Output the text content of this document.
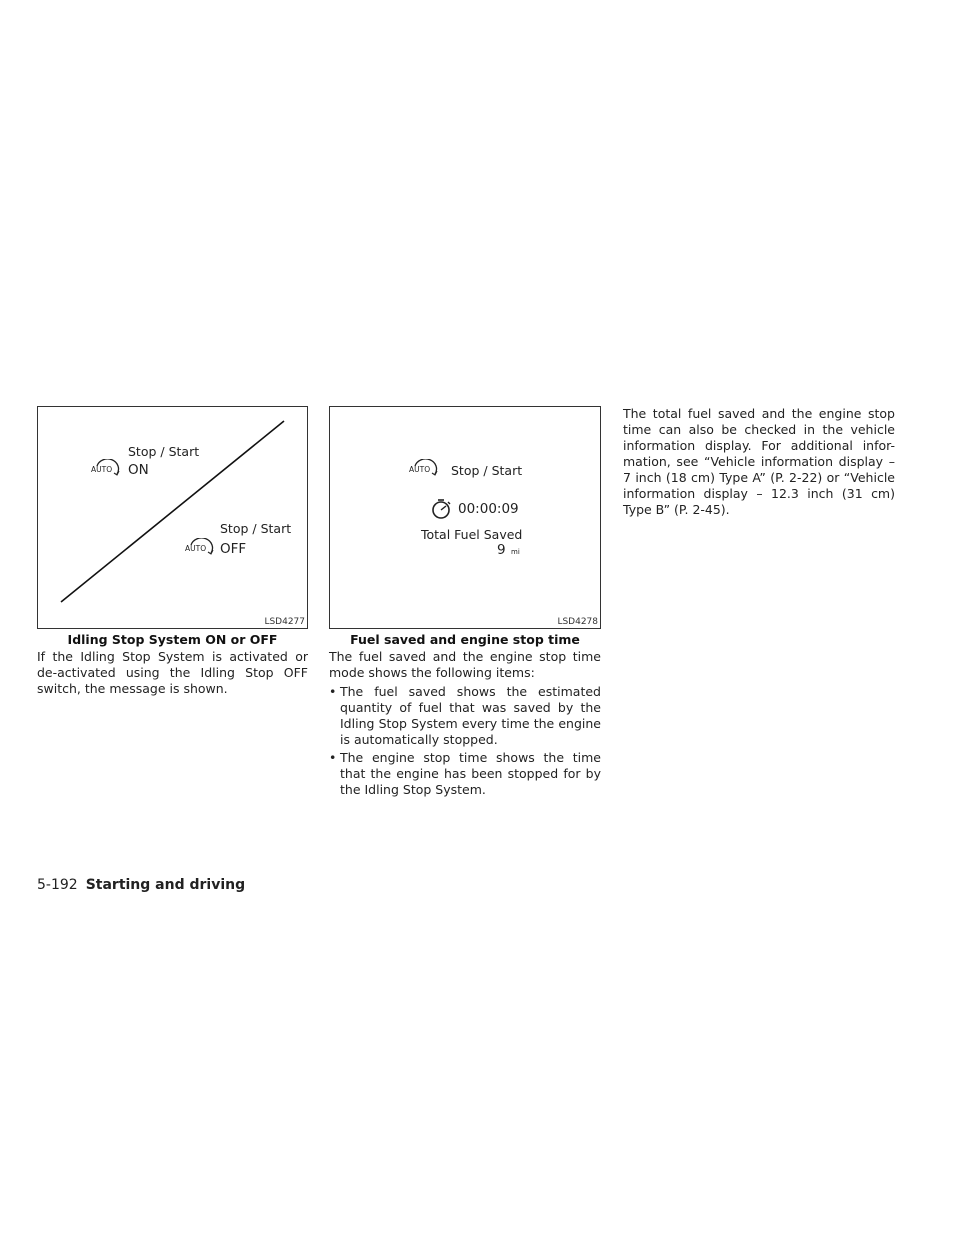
Stop / Start
AUTO ON
Stop / Start
AUTO OFF
LSD4277
Idling Stop System ON or OFF
AUTO Stop / Start
00:00:09
Total Fuel Saved
9 mi
LSD4278
Fuel saved and engine stop time

If the Idling Stop System is activated or de-activated using the Idling Stop OFF switch, the message is shown.

The fuel saved and the engine stop time mode shows the following items:

• The fuel saved shows the estimated quantity of fuel that was saved by the Idling Stop System every time the engine is automatically stopped.
• The engine stop time shows the time that the engine has been stopped for by the Idling Stop System.

The total fuel saved and the engine stop time can also be checked in the vehicle information display. For additional infor-mation, see “Vehicle information display – 7 inch (18 cm) Type A” (P. 2-22) or “Vehicle information display – 12.3 inch (31 cm) Type B” (P. 2-45).

5-192 Starting and driving
